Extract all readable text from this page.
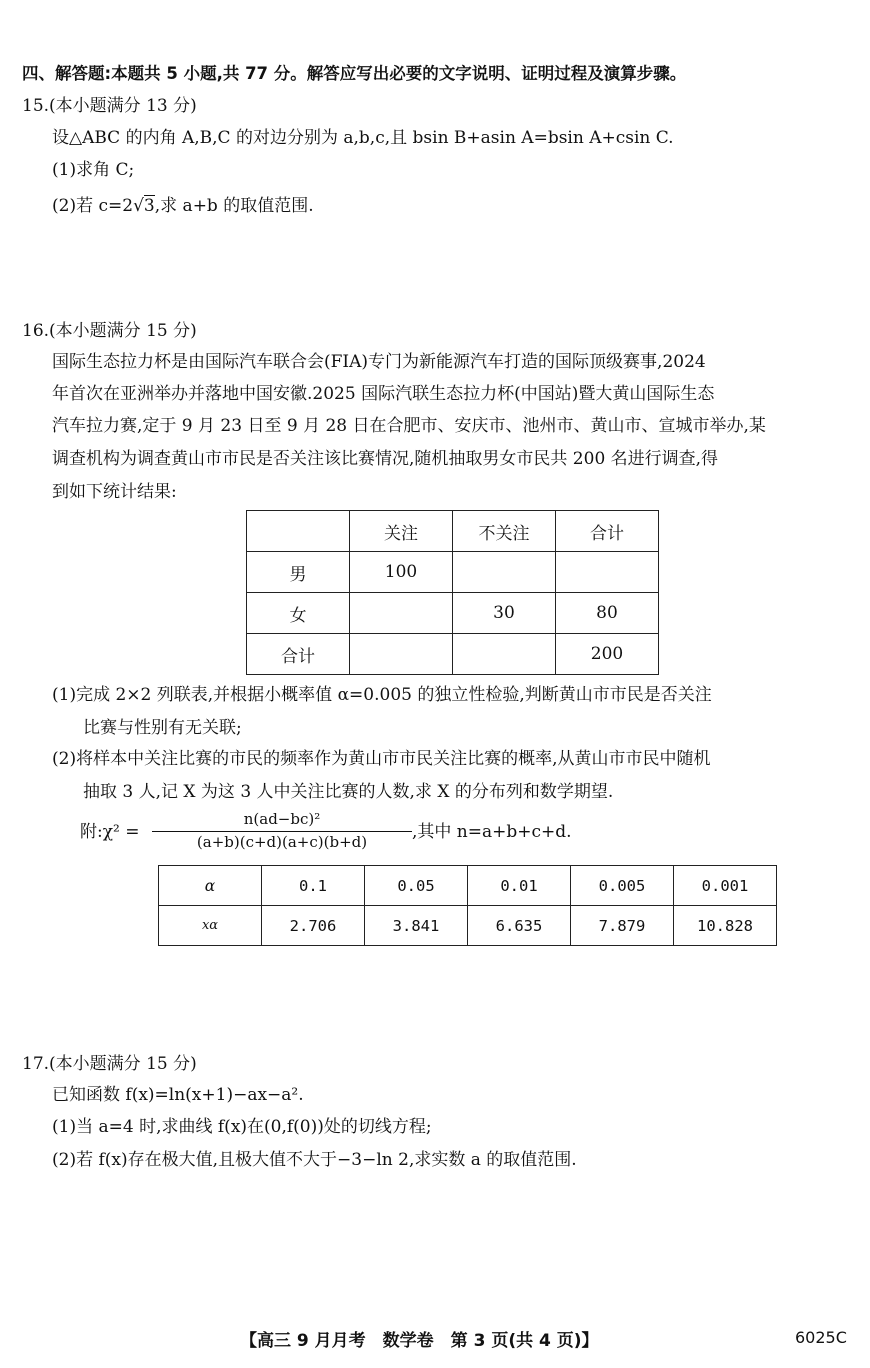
四、解答题:本题共 5 小题,共 77 分。解答应写出必要的文字说明、证明过程及演算步骤。
15.(本小题满分 13 分)
设△ABC 的内角 A,B,C 的对边分别为 a,b,c,且 bsin B+asin A=bsin A+csin C.
(1)求角 C;
(2)若 c=2√3,求 a+b 的取值范围.
16.(本小题满分 15 分)
国际生态拉力杯是由国际汽车联合会(FIA)专门为新能源汽车打造的国际顶级赛事,2024
年首次在亚洲举办并落地中国安徽.2025 国际汽联生态拉力杯(中国站)暨大黄山国际生态
汽车拉力赛,定于 9 月 23 日至 9 月 28 日在合肥市、安庆市、池州市、黄山市、宣城市举办,某
调查机构为调查黄山市市民是否关注该比赛情况,随机抽取男女市民共 200 名进行调查,得
到如下统计结果:
	关注	不关注	合计
男	100		
女		30	80
合计			200
(1)完成 2×2 列联表,并根据小概率值 α=0.005 的独立性检验,判断黄山市市民是否关注
比赛与性别有无关联;
(2)将样本中关注比赛的市民的频率作为黄山市市民关注比赛的概率,从黄山市市民中随机
抽取 3 人,记 X 为这 3 人中关注比赛的人数,求 X 的分布列和数学期望.
附:χ² =
n(ad−bc)²
(a+b)(c+d)(a+c)(b+d)	,其中 n=a+b+c+d.
α	0.1	0.05	0.01	0.005	0.001
xα	2.706	3.841	6.635	7.879	10.828
17.(本小题满分 15 分)
已知函数 f(x)=ln(x+1)−ax−a².
(1)当 a=4 时,求曲线 f(x)在(0,f(0))处的切线方程;
(2)若 f(x)存在极大值,且极大值不大于−3−ln 2,求实数 a 的取值范围.
【高三 9 月月考　数学卷　第 3 页(共 4 页)】	6025C
